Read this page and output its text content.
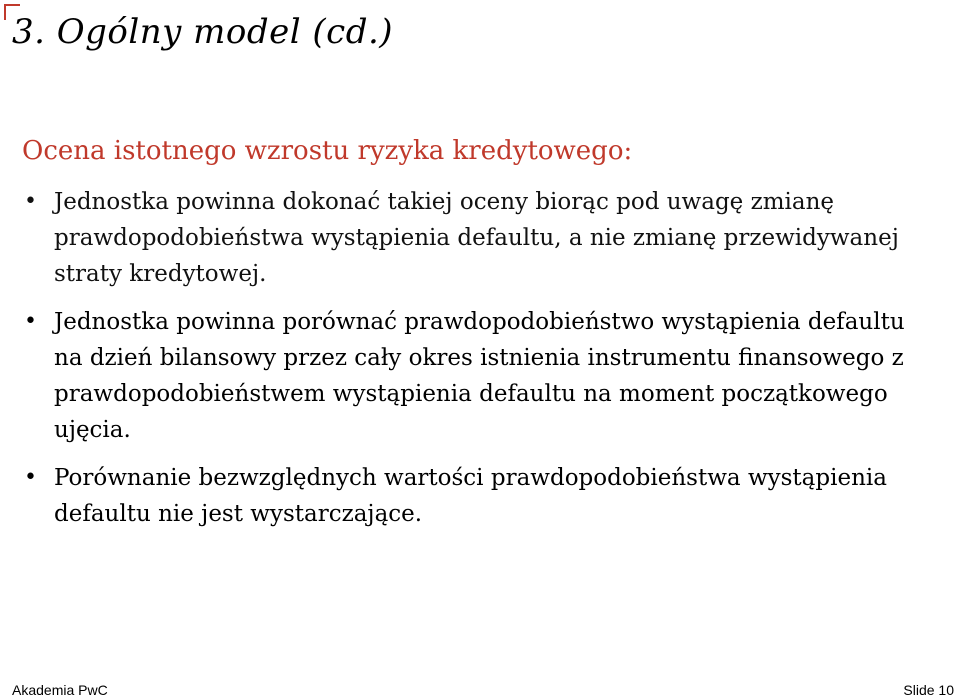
3. Ogólny model (cd.)
Ocena istotnego wzrostu ryzyka kredytowego:
• Jednostka powinna dokonać takiej oceny biorąc pod uwagę zmianę prawdopodobieństwa wystąpienia defaultu, a nie zmianę przewidywanej straty kredytowej.
• Jednostka powinna porównać prawdopodobieństwo wystąpienia defaultu na dzień bilansowy przez cały okres istnienia instrumentu finansowego z prawdopodobieństwem wystąpienia defaultu na moment początkowego ujęcia.
• Porównanie bezwzględnych wartości prawdopodobieństwa wystąpienia defaultu nie jest wystarczające.
Akademia PwC	Slide 10
